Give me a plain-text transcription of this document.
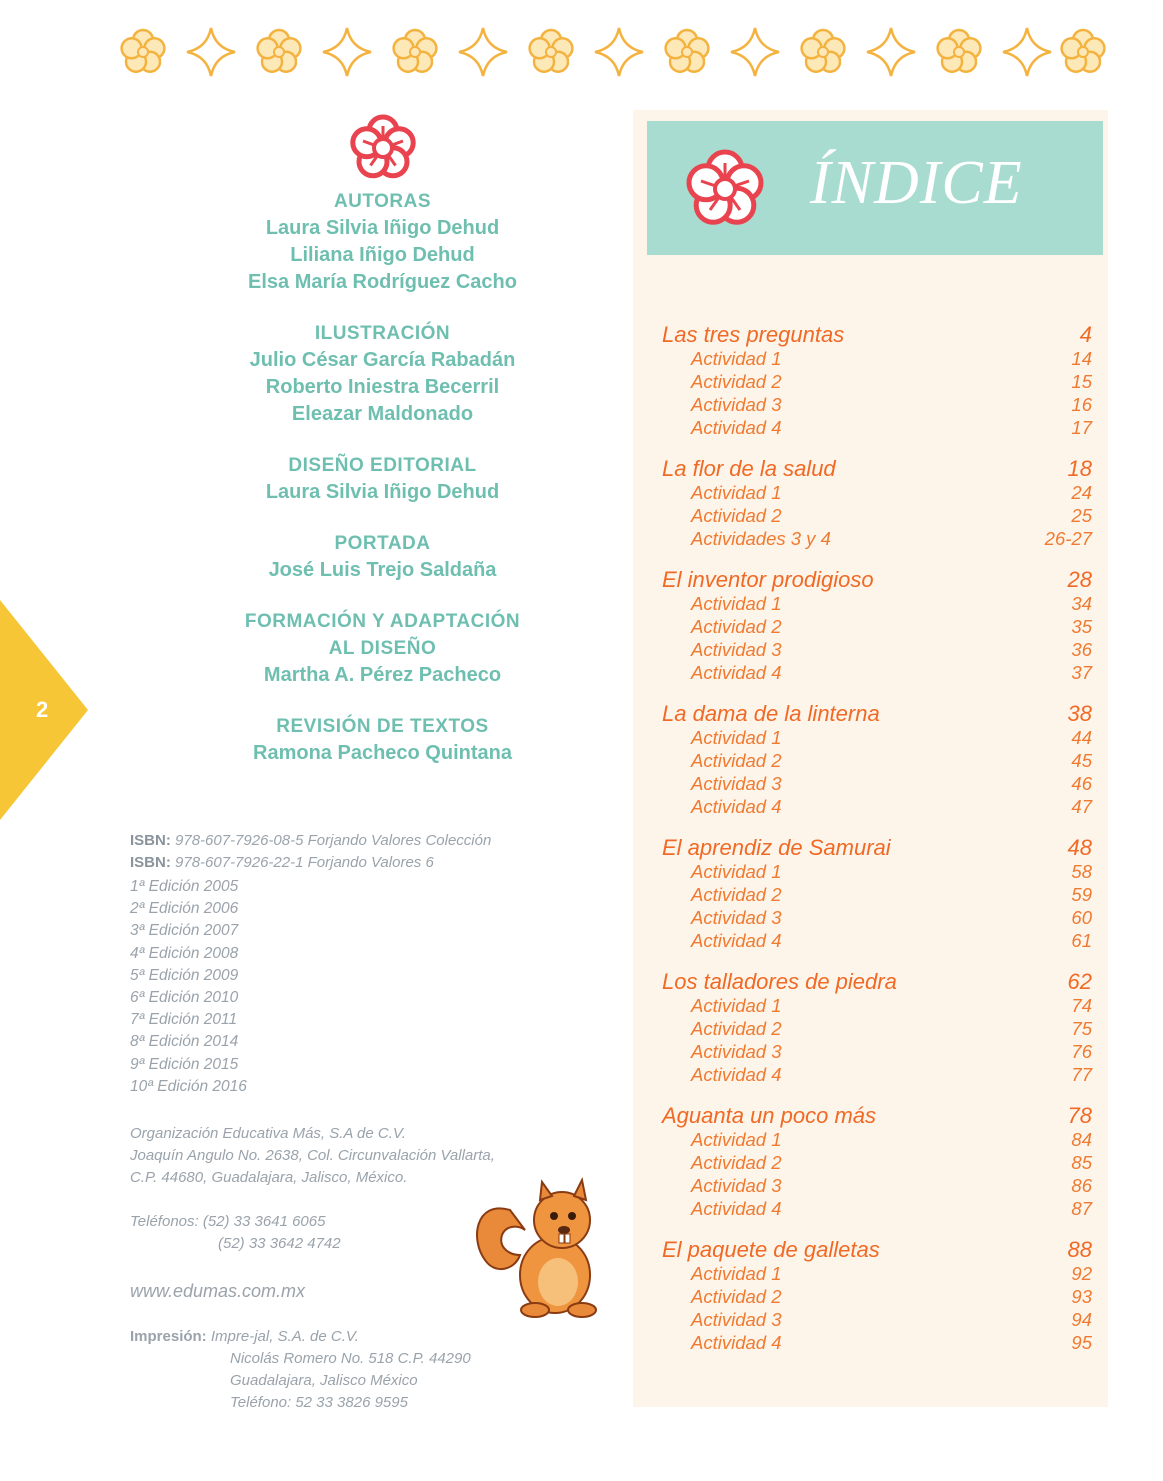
2
AUTORAS
Laura Silvia Iñigo Dehud
Liliana Iñigo Dehud
Elsa María Rodríguez Cacho
ILUSTRACIÓN
Julio César García Rabadán
Roberto Iniestra Becerril
Eleazar Maldonado
DISEÑO EDITORIAL
Laura Silvia Iñigo Dehud
PORTADA
José Luis Trejo Saldaña
FORMACIÓN Y ADAPTACIÓN
AL DISEÑO
Martha A. Pérez Pacheco
REVISIÓN DE TEXTOS
Ramona Pacheco Quintana
ISBN: 978-607-7926-08-5 Forjando Valores Colección
ISBN: 978-607-7926-22-1 Forjando Valores 6
1ª Edición 2005
2ª Edición 2006
3ª Edición 2007
4ª Edición 2008
5ª Edición 2009
6ª Edición 2010
7ª Edición 2011
8ª Edición 2014
9ª Edición 2015
10ª Edición 2016
Organización Educativa Más, S.A de C.V.
Joaquín Angulo No. 2638, Col. Circunvalación Vallarta,
C.P. 44680, Guadalajara, Jalisco, México.
Teléfonos: (52) 33 3641 6065
(52) 33 3642 4742
www.edumas.com.mx
Impresión: Impre-jal, S.A. de C.V.
Nicolás Romero No. 518 C.P. 44290
Guadalajara, Jalisco México
Teléfono: 52 33 3826 9595
ÍNDICE
Las tres preguntas	4
Actividad 1	14
Actividad 2	15
Actividad 3	16
Actividad 4	17
La flor de la salud	18
Actividad 1	24
Actividad 2	25
Actividades 3 y 4	26-27
El inventor prodigioso	28
Actividad 1	34
Actividad 2	35
Actividad 3	36
Actividad 4	37
La dama de la linterna	38
Actividad 1	44
Actividad 2	45
Actividad 3	46
Actividad 4	47
El aprendiz de Samurai	48
Actividad 1	58
Actividad 2	59
Actividad 3	60
Actividad 4	61
Los talladores de piedra	62
Actividad 1	74
Actividad 2	75
Actividad 3	76
Actividad 4	77
Aguanta un poco más	78
Actividad 1	84
Actividad 2	85
Actividad 3	86
Actividad 4	87
El paquete de galletas	88
Actividad 1	92
Actividad 2	93
Actividad 3	94
Actividad 4	95
